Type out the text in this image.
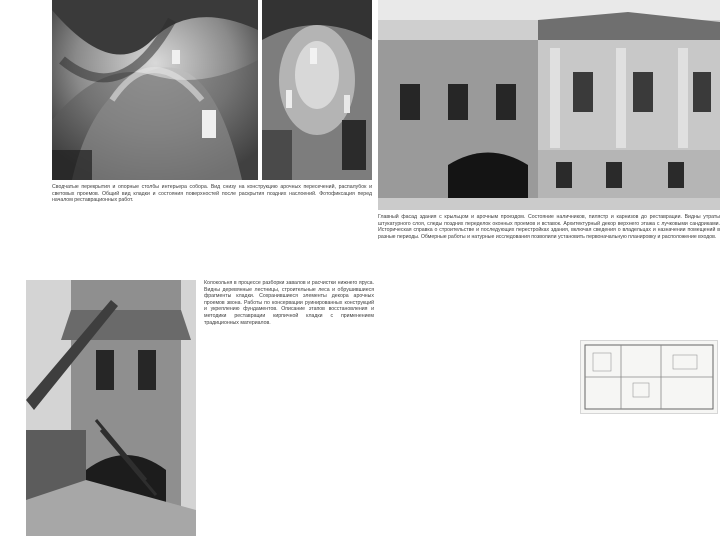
Сводчатые перекрытия и опорные столбы интерьера собора. Вид снизу на конструкцию арочных пересечений, распалубок и световых проемов. Общий вид кладки и состояния поверхностей после раскрытия поздних наслоений. Фотофиксация перед началом реставрационных работ.
Главный фасад здания с крыльцом и арочным проездом. Состояние наличников, пилястр и карнизов до реставрации. Видны утраты штукатурного слоя, следы поздних переделок оконных проемов и вставок. Архитектурный декор верхнего этажа с лучковыми сандриками. Историческая справка о строительстве и последующих перестройках здания, включая сведения о владельцах и назначении помещений в разные периоды. Обмерные работы и натурные исследования позволили установить первоначальную планировку и расположение входов.
Колокольня в процессе разборки завалов и расчистки нижнего яруса. Видны деревянные лестницы, строительные леса и обрушившиеся фрагменты кладки. Сохранившиеся элементы декора арочных проемов звона. Работы по консервации руинированных конструкций и укреплению фундаментов. Описание этапов восстановления и методики реставрации кирпичной кладки с применением традиционных материалов.
